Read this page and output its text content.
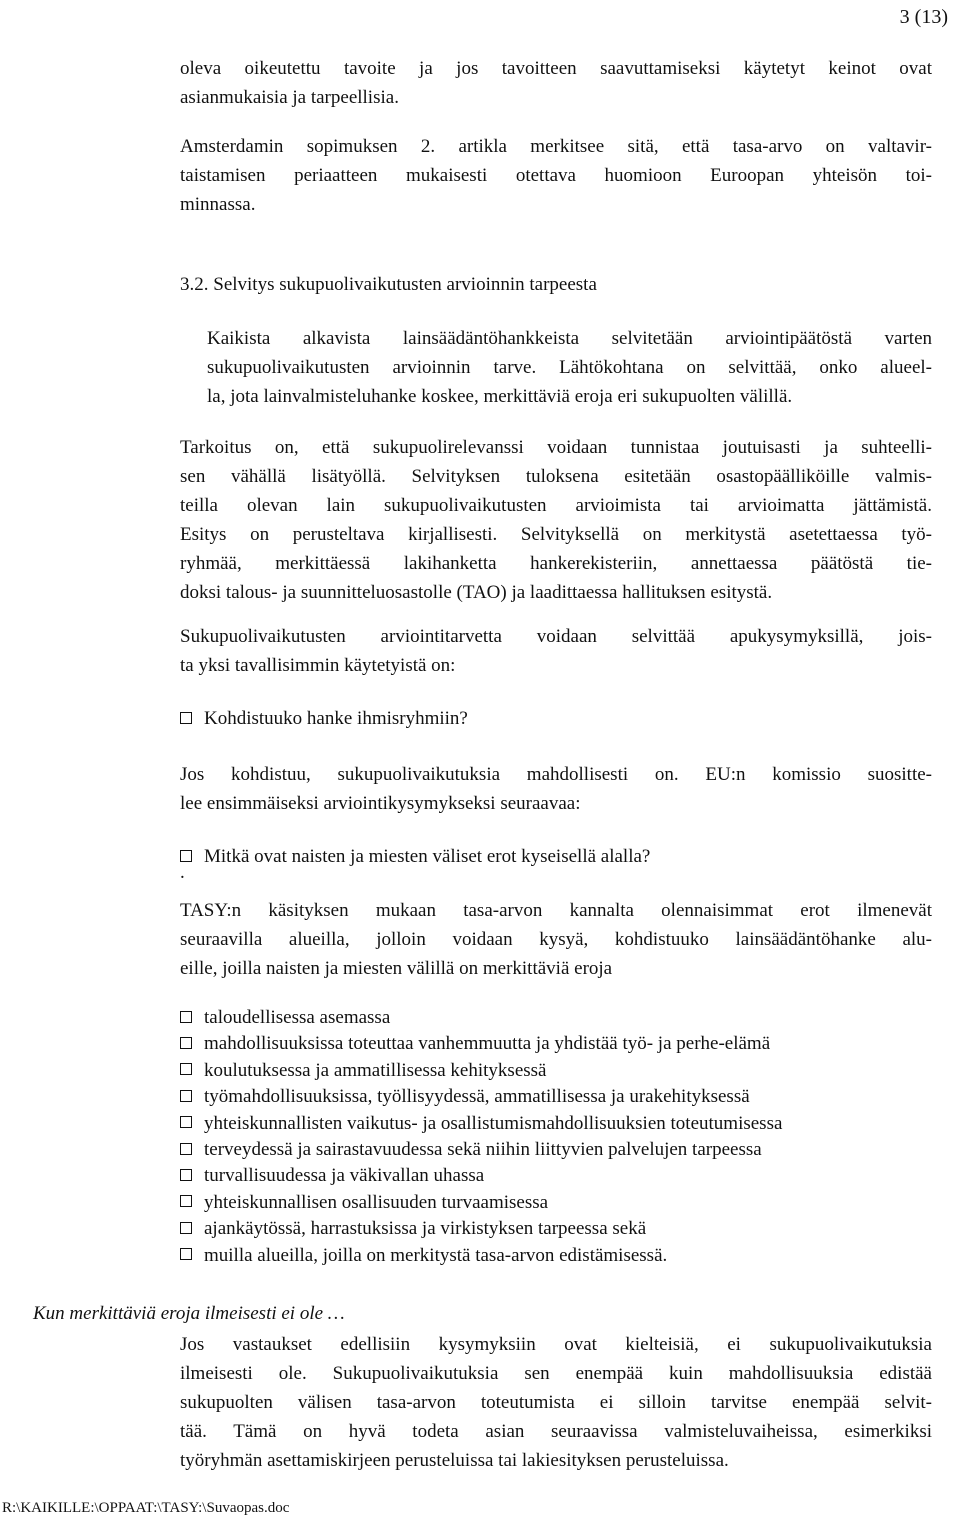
3 (13)
oleva oikeutettu tavoite ja jos tavoitteen saavuttamiseksi käytetyt keinot ovat
asianmukaisia ja tarpeellisia.
Amsterdamin sopimuksen 2. artikla merkitsee sitä, että tasa-arvo on valtavir-
taistamisen periaatteen mukaisesti otettava huomioon Euroopan yhteisön toi-
minnassa.
3.2. Selvitys sukupuolivaikutusten arvioinnin tarpeesta
Kaikista alkavista lainsäädäntöhankkeista selvitetään arviointipäätöstä varten
sukupuolivaikutusten arvioinnin tarve. Lähtökohtana on selvittää, onko alueel-
la, jota lainvalmisteluhanke koskee, merkittäviä eroja eri sukupuolten välillä.
Tarkoitus on, että sukupuolirelevanssi voidaan tunnistaa joutuisasti ja suhteelli-
sen vähällä lisätyöllä. Selvityksen tuloksena esitetään osastopäälliköille valmis-
teilla olevan lain sukupuolivaikutusten arvioimista tai arvioimatta jättämistä.
Esitys on perusteltava kirjallisesti. Selvityksellä on merkitystä asetettaessa työ-
ryhmää, merkittäessä lakihanketta hankerekisteriin, annettaessa päätöstä tie-
doksi talous- ja suunnitteluosastolle (TAO) ja laadittaessa hallituksen esitystä.
Sukupuolivaikutusten arviointitarvetta voidaan selvittää apukysymyksillä, jois-
ta yksi tavallisimmin käytetyistä on:
Kohdistuuko hanke ihmisryhmiin?
Jos kohdistuu, sukupuolivaikutuksia mahdollisesti on. EU:n komissio suosittе-
lee ensimmäiseksi arviointikysymykseksi seuraavaa:
Mitkä ovat naisten ja miesten väliset erot kyseisellä alalla?
.
TASY:n käsityksen mukaan tasa-arvon kannalta olennaisimmat erot ilmenevät
seuraavilla alueilla, jolloin voidaan kysyä, kohdistuuko lainsäädäntöhanke alu-
eille, joilla naisten ja miesten välillä on merkittäviä eroja
taloudellisessa asemassa
mahdollisuuksissa toteuttaa vanhemmuutta ja yhdistää työ- ja perhe-elämä
koulutuksessa ja ammatillisessa kehityksessä
työmahdollisuuksissa, työllisyydessä, ammatillisessa ja urakehityksessä
yhteiskunnallisten vaikutus- ja osallistumismahdollisuuksien toteutumisessa
terveydessä ja sairastavuudessa sekä niihin liittyvien palvelujen tarpeessa
turvallisuudessa ja väkivallan uhassa
yhteiskunnallisen osallisuuden turvaamisessa
ajankäytössä, harrastuksissa ja virkistyksen tarpeessa sekä
muilla alueilla, joilla on merkitystä tasa-arvon edistämisessä.
Kun merkittäviä eroja ilmeisesti ei ole …
Jos vastaukset edellisiin kysymyksiin ovat kielteisiä, ei sukupuolivaikutuksia
ilmeisesti ole. Sukupuolivaikutuksia sen enempää kuin mahdollisuuksia edistää
sukupuolten välisen tasa-arvon toteutumista ei silloin tarvitse enempää selvit-
tää. Tämä on hyvä todeta asian seuraavissa valmisteluvaiheissa, esimerkiksi
työryhmän asettamiskirjeen perusteluissa tai lakiesityksen perusteluissa.
R:\KAIKILLE:\OPPAAT:\TASY:\Suvaopas.doc
